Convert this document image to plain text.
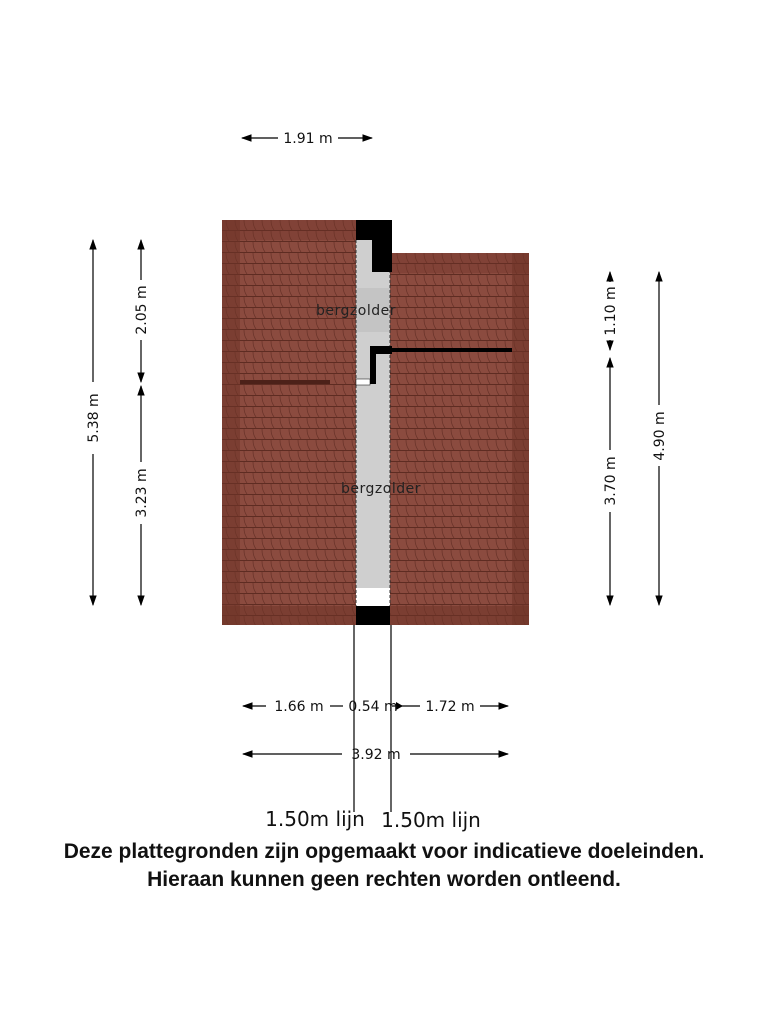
1.91 m
5.38 m
2.05 m
3.23 m
1.10 m
3.70 m
4.90 m
1.66 m 0.54 m 1.72 m
3.92 m
bergzolder
bergzolder
1.50m lijn 1.50m lijn

Deze plattegronden zijn opgemaakt voor indicatieve doeleinden.

Hieraan kunnen geen rechten worden ontleend.
